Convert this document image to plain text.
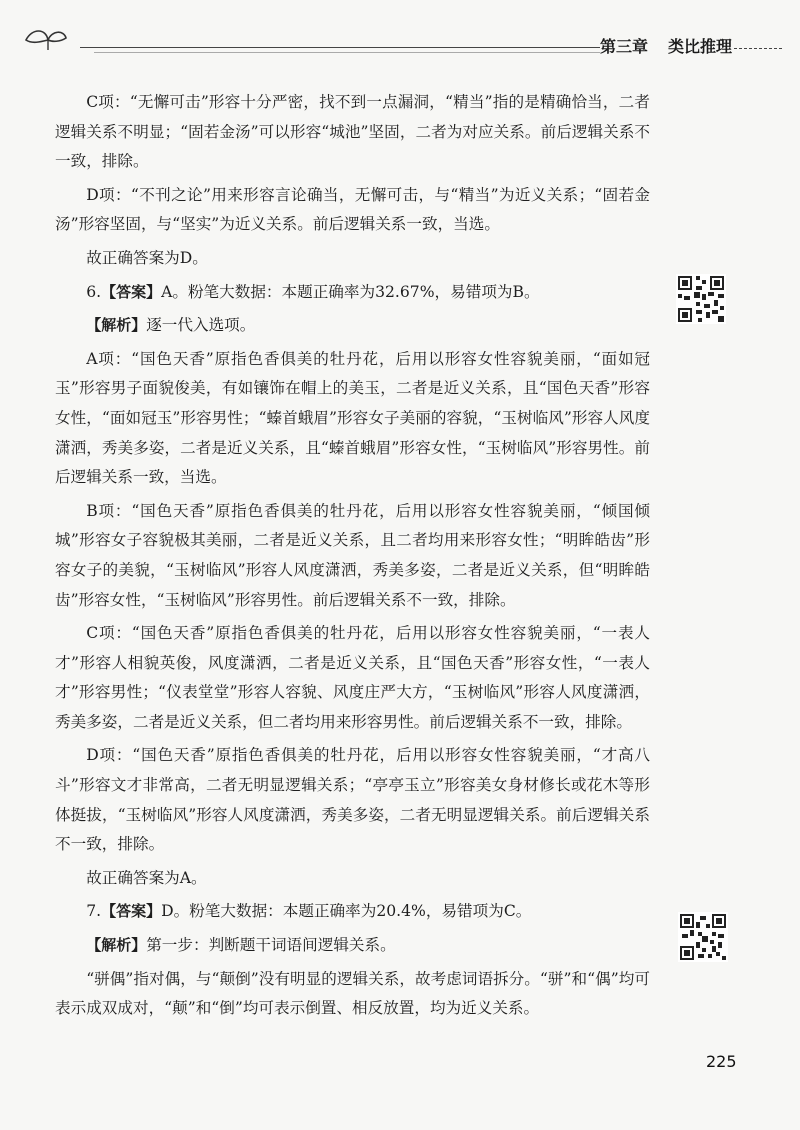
第三章 类比推理

C项：“无懈可击”形容十分严密，找不到一点漏洞，“精当”指的是精确恰当，二者逻辑关系不明显；“固若金汤”可以形容“城池”坚固，二者为对应关系。前后逻辑关系不一致，排除。

D项：“不刊之论”用来形容言论确当，无懈可击，与“精当”为近义关系；“固若金汤”形容坚固，与“坚实”为近义关系。前后逻辑关系一致，当选。

故正确答案为D。

6.【答案】A。粉笔大数据：本题正确率为32.67%，易错项为B。

【解析】逐一代入选项。

A项：“国色天香”原指色香俱美的牡丹花，后用以形容女性容貌美丽，“面如冠玉”形容男子面貌俊美，有如镶饰在帽上的美玉，二者是近义关系，且“国色天香”形容女性，“面如冠玉”形容男性；“螓首蛾眉”形容女子美丽的容貌，“玉树临风”形容人风度潇洒，秀美多姿，二者是近义关系，且“螓首蛾眉”形容女性，“玉树临风”形容男性。前后逻辑关系一致，当选。

B项：“国色天香”原指色香俱美的牡丹花，后用以形容女性容貌美丽，“倾国倾城”形容女子容貌极其美丽，二者是近义关系，且二者均用来形容女性；“明眸皓齿”形容女子的美貌，“玉树临风”形容人风度潇洒，秀美多姿，二者是近义关系，但“明眸皓齿”形容女性，“玉树临风”形容男性。前后逻辑关系不一致，排除。

C项：“国色天香”原指色香俱美的牡丹花，后用以形容女性容貌美丽，“一表人才”形容人相貌英俊，风度潇洒，二者是近义关系，且“国色天香”形容女性，“一表人才”形容男性；“仪表堂堂”形容人容貌、风度庄严大方，“玉树临风”形容人风度潇洒，秀美多姿，二者是近义关系，但二者均用来形容男性。前后逻辑关系不一致，排除。

D项：“国色天香”原指色香俱美的牡丹花，后用以形容女性容貌美丽，“才高八斗”形容文才非常高，二者无明显逻辑关系；“亭亭玉立”形容美女身材修长或花木等形体挺拔，“玉树临风”形容人风度潇洒，秀美多姿，二者无明显逻辑关系。前后逻辑关系不一致，排除。

故正确答案为A。

7.【答案】D。粉笔大数据：本题正确率为20.4%，易错项为C。

【解析】第一步：判断题干词语间逻辑关系。

“骈偶”指对偶，与“颠倒”没有明显的逻辑关系，故考虑词语拆分。“骈”和“偶”均可表示成双成对，“颠”和“倒”均可表示倒置、相反放置，均为近义关系。

225
